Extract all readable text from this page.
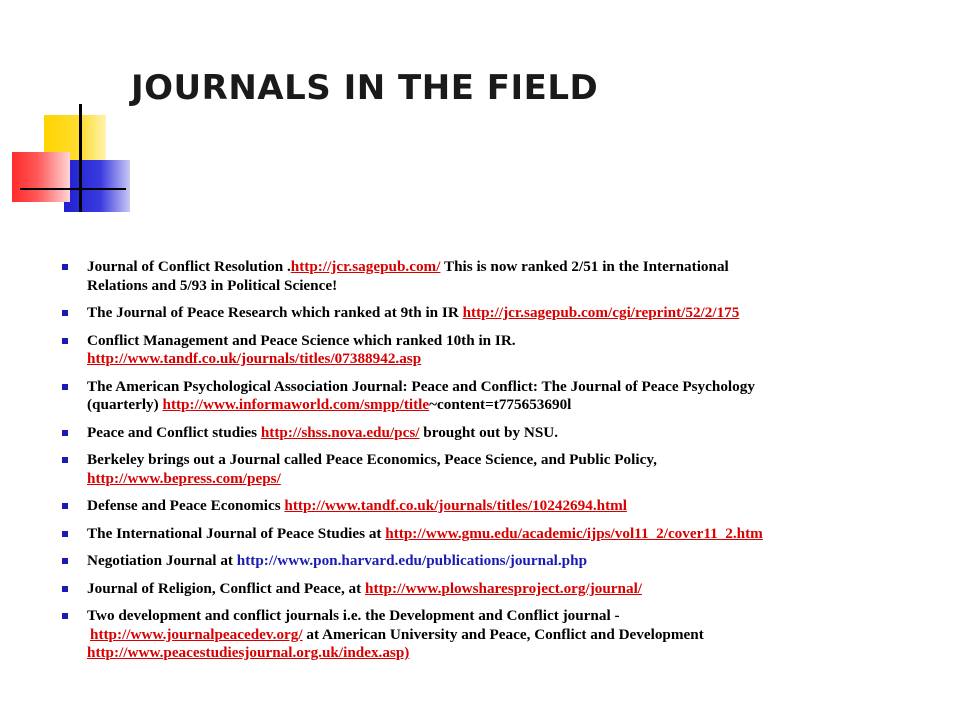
JOURNALS IN THE FIELD
Journal of Conflict Resolution .http://jcr.sagepub.com/ This is now ranked 2/51 in the International Relations and 5/93 in Political Science!
The Journal of Peace Research which ranked at 9th in IR http://jcr.sagepub.com/cgi/reprint/52/2/175
Conflict Management and Peace Science which ranked 10th in IR. http://www.tandf.co.uk/journals/titles/07388942.asp
The American Psychological Association Journal: Peace and Conflict: The Journal of Peace Psychology (quarterly) http://www.informaworld.com/smpp/title~content=t775653690l
Peace and Conflict studies http://shss.nova.edu/pcs/ brought out by NSU.
Berkeley brings out a Journal called Peace Economics, Peace Science, and Public Policy, http://www.bepress.com/peps/
Defense and Peace Economics http://www.tandf.co.uk/journals/titles/10242694.html
The International Journal of Peace Studies at http://www.gmu.edu/academic/ijps/vol11_2/cover11_2.htm
Negotiation Journal at http://www.pon.harvard.edu/publications/journal.php
Journal of Religion, Conflict and Peace, at http://www.plowsharesproject.org/journal/
Two development and conflict journals i.e. the Development and Conflict journal -
http://www.journalpeacedev.org/ at American University and Peace, Conflict and Development http://www.peacestudiesjournal.org.uk/index.asp)
